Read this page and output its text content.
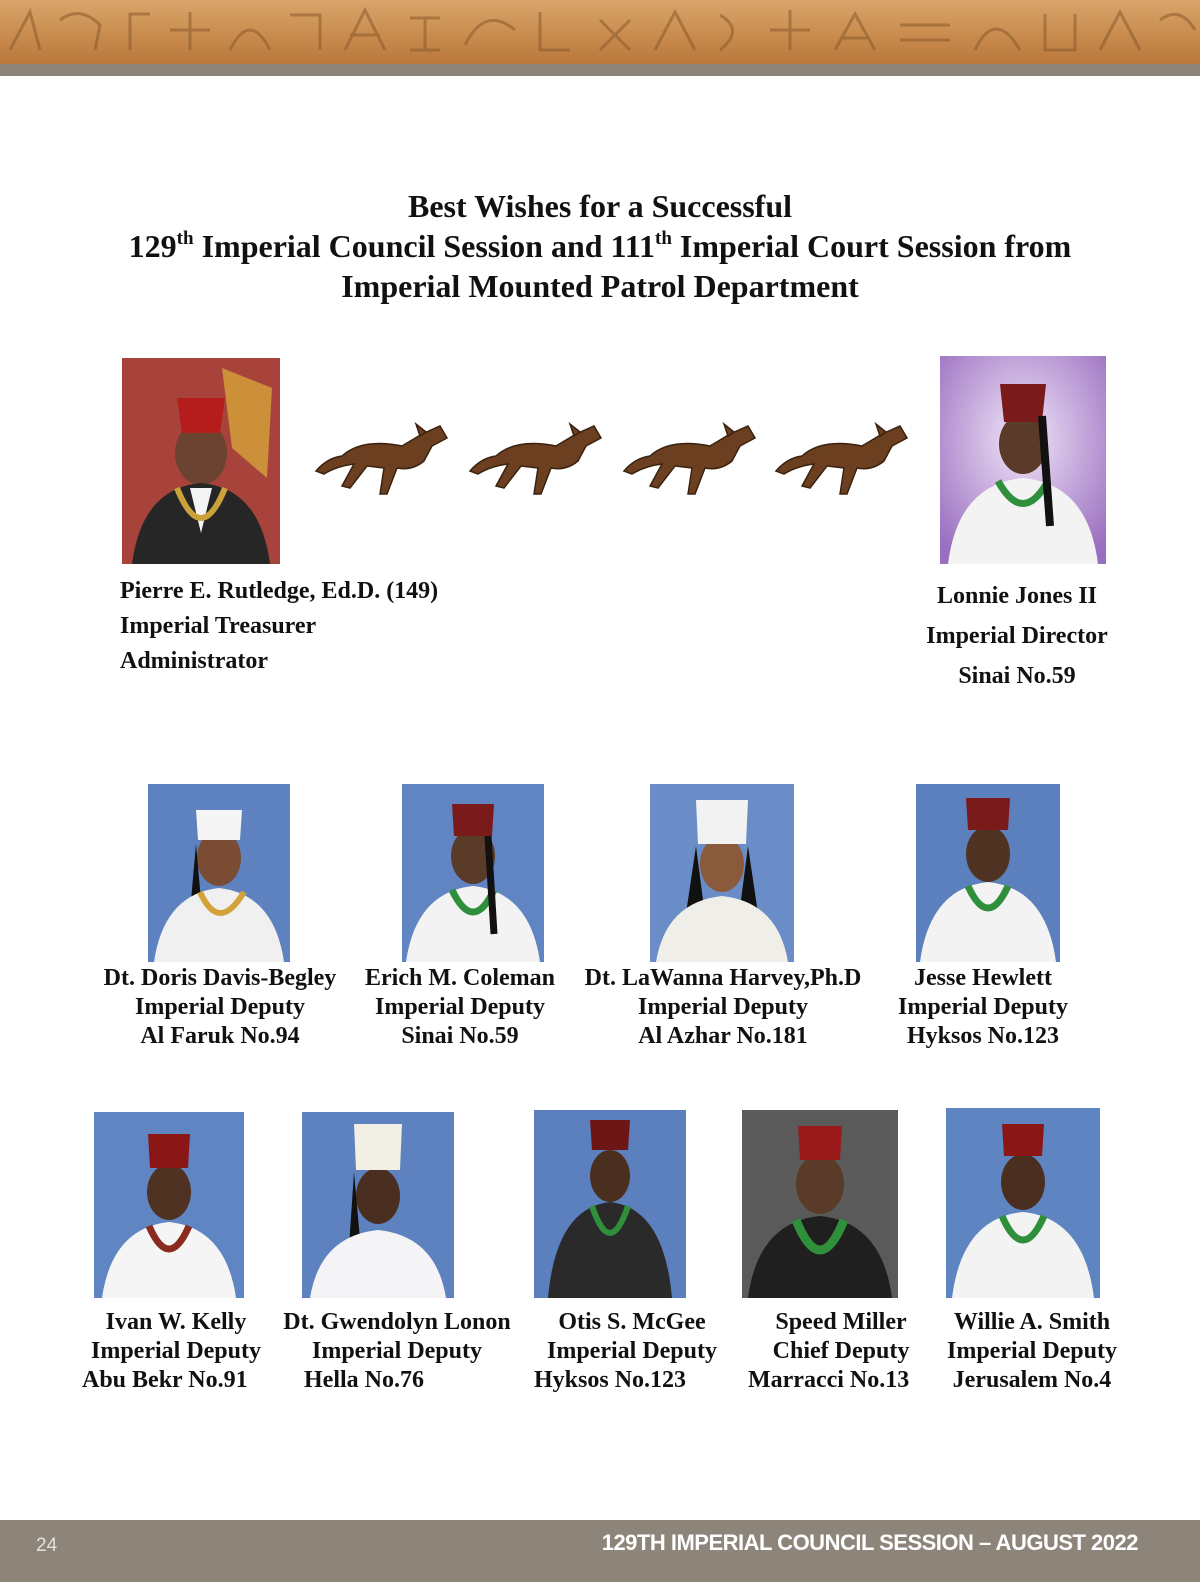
Best Wishes for a Successful
129th Imperial Council Session and 111th Imperial Court Session from
Imperial Mounted Patrol Department
Pierre E. Rutledge, Ed.D. (149)
Imperial Treasurer
Administrator
Lonnie Jones II
Imperial Director
Sinai No.59
Dt. Doris Davis-Begley
Imperial Deputy
Al Faruk No.94
Erich M. Coleman
Imperial Deputy
Sinai No.59
Dt. LaWanna Harvey,Ph.D
Imperial Deputy
Al Azhar No.181
Jesse Hewlett
Imperial Deputy
Hyksos No.123
Ivan W. Kelly
Imperial Deputy
Abu Bekr No.91
Dt. Gwendolyn Lonon
Imperial Deputy
Hella No.76
Otis S. McGee
Imperial Deputy
Hyksos No.123
Speed Miller
Chief Deputy
Marracci No.13
Willie A. Smith
Imperial Deputy
Jerusalem No.4
24	129TH IMPERIAL COUNCIL SESSION – AUGUST 2022
